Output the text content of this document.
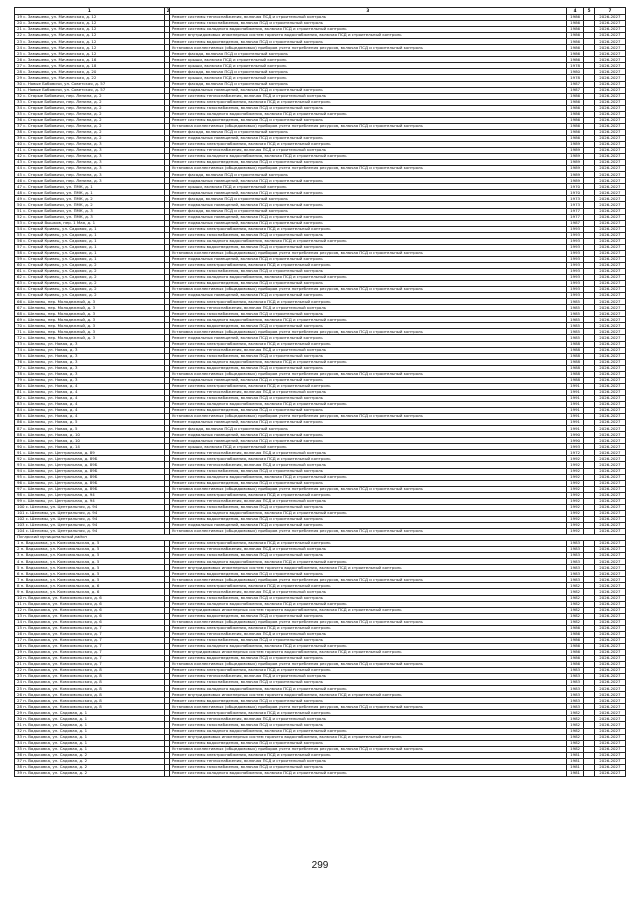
1	2	3	4	5	7
19 с. Замишево, ул. Мичманская, д. 12		Ремонт системы теплоснабжения, включая ПСД и строительный контроль	1986		2026-2027
20 с. Замишево, ул. Мичманская, д. 12		Ремонт системы газоснабжения, включая ПСД и строительный контроль	1986		2026-2027
21 с. Замишево, ул. Мичманская, д. 12		Ремонт системы холодного водоснабжения, включая ПСД и строительный контроль	1986		2026-2027
22 с. Замишево, ул. Мичманская, д. 12		Ремонт внутридомовых инженерных систем горячего водоснабжения, включая ПСД и строительный контроль	1986		2026-2027
23 с. Замишево, ул. Мичманская, д. 12		Ремонт системы водоотведения, включая ПСД и строительный контроль	1986		2026-2027
24 с. Замишево, ул. Мичманская, д. 12		Установка коллективных (общедомовых) приборов учета потребления ресурсов, включая ПСД и строительный контроль	1986		2026-2027
25 с. Замишево, ул. Мичманская, д. 12		Ремонт фасада, включая ПСД и строительный контроль	1986		2026-2027
26 с. Замишево, ул. Мичманская, д. 16		Ремонт крыши, включая ПСД и строительный контроль	1986		2026-2027
27 с. Замишево, ул. Мичманская, д. 18		Ремонт крыши, включая ПСД и строительный контроль	1978		2026-2027
28 с. Замишево, ул. Мичманская, д. 20		Ремонт фасада, включая ПСД и строительный контроль	1980		2026-2027
29 с. Замишево, ул. Мичманская, д. 22		Ремонт крыши, включая ПСД и строительный контроль	1978		2026-2027
30 с. Новые Бобовичи, ул. Советская, д. 57		Ремонт фасада, включая ПСД и строительный контроль	1987		2026-2027
31 с. Новые Бобовичи, ул. Советская, д. 57		Ремонт подвальных помещений, включая ПСД и строительный контроль	1987		2026-2027
32 с. Старые Бобовичи, пер. Ленина, д. 2		Ремонт системы теплоснабжения, включая ПСД и строительный контроль	1986		2026-2027
33 с. Старые Бобовичи, пер. Ленина, д. 2		Ремонт системы электроснабжения, включая ПСД и строительный контроль	1986		2026-2027
34 с. Старые Бобовичи, пер. Ленина, д. 2		Ремонт системы газоснабжения, включая ПСД и строительный контроль	1986		2026-2027
35 с. Старые Бобовичи, пер. Ленина, д. 2		Ремонт системы холодного водоснабжения, включая ПСД и строительный контроль	1986		2026-2027
36 с. Старые Бобовичи, пер. Ленина, д. 2		Ремонт системы водоотведения, включая ПСД и строительный контроль	1986		2026-2027
37 с. Старые Бобовичи, пер. Ленина, д. 2		Установка коллективных (общедомовых) приборов учета потребления ресурсов, включая ПСД и строительный контроль	1986		2026-2027
38 с. Старые Бобовичи, пер. Ленина, д. 2		Ремонт фасада, включая ПСД и строительный контроль	1986		2026-2027
39 с. Старые Бобовичи, пер. Ленина, д. 2		Ремонт подвальных помещений, включая ПСД и строительный контроль	1986		2026-2027
40 с. Старые Бобовичи, пер. Ленина, д. 3		Ремонт системы электроснабжения, включая ПСД и строительный контроль	1989		2026-2027
41 с. Старые Бобовичи, пер. Ленина, д. 3		Ремонт системы теплоснабжения, включая ПСД и строительный контроль	1989		2026-2027
42 с. Старые Бобовичи, пер. Ленина, д. 3		Ремонт системы холодного водоснабжения, включая ПСД и строительный контроль	1989		2026-2027
43 с. Старые Бобовичи, пер. Ленина, д. 3		Ремонт системы водоотведения, включая ПСД и строительный контроль	1989		2026-2027
44 с. Старые Бобовичи, пер. Ленина, д. 3		Установка коллективных (общедомовых) приборов учета потребления ресурсов, включая ПСД и строительный контроль	1989		2026-2027
45 с. Старые Бобовичи, пер. Ленина, д. 3		Ремонт фасада, включая ПСД и строительный контроль	1989		2026-2027
46 с. Старые Бобовичи, пер. Ленина, д. 3		Ремонт подвальных помещений, включая ПСД и строительный контроль	1989		2026-2027
47 с. Старые Бобовичи, ул. ПМК, д. 1		Ремонт крыши, включая ПСД и строительный контроль	1970		2026-2027
48 с. Старые Бобовичи, ул. ПМК, д. 1		Ремонт подвальных помещений, включая ПСД и строительный контроль	1970		2026-2027
49 с. Старые Бобовичи, ул. ПМК, д. 2		Ремонт фасада, включая ПСД и строительный контроль	1973		2026-2027
50 с. Старые Бобовичи, ул. ПМК, д. 2		Ремонт подвальных помещений, включая ПСД и строительный контроль	1973		2026-2027
51 с. Старые Бобовичи, ул. ПМК, д. 3		Ремонт фасада, включая ПСД и строительный контроль	1977		2026-2027
52 с. Старые Бобовичи, ул. ПМК, д. 3		Ремонт подвальных помещений, включая ПСД и строительный контроль	1977		2026-2027
53 с. Старый Вышков, пер. 1 Мая, д. 1		Ремонт подвальных помещений, включая ПСД и строительный контроль	1987		2026-2027
54 с. Старый Кривец, ул. Садовая, д. 1		Ремонт системы электроснабжения, включая ПСД и строительный контроль	1993		2026-2027
55 с. Старый Кривец, ул. Садовая, д. 1		Ремонт системы газоснабжения, включая ПСД и строительный контроль	1993		2026-2027
56 с. Старый Кривец, ул. Садовая, д. 1		Ремонт системы холодного водоснабжения, включая ПСД и строительный контроль	1993		2026-2027
57 с. Старый Кривец, ул. Садовая, д. 1		Ремонт системы водоотведения, включая ПСД и строительный контроль	1993		2026-2027
58 с. Старый Кривец, ул. Садовая, д. 1		Установка коллективных (общедомовых) приборов учета потребления ресурсов, включая ПСД и строительный контроль	1993		2026-2027
59 с. Старый Кривец, ул. Садовая, д. 1		Ремонт подвальных помещений, включая ПСД и строительный контроль	1993		2026-2027
60 с. Старый Кривец, ул. Садовая, д. 2		Ремонт системы электроснабжения, включая ПСД и строительный контроль	1993		2026-2027
61 с. Старый Кривец, ул. Садовая, д. 2		Ремонт системы газоснабжения, включая ПСД и строительный контроль	1993		2026-2027
62 с. Старый Кривец, ул. Садовая, д. 2		Ремонт системы холодного водоснабжения, включая ПСД и строительный контроль	1993		2026-2027
63 с. Старый Кривец, ул. Садовая, д. 2		Ремонт системы водоотведения, включая ПСД и строительный контроль	1993		2026-2027
64 с. Старый Кривец, ул. Садовая, д. 2		Установка коллективных (общедомовых) приборов учета потребления ресурсов, включая ПСД и строительный контроль	1993		2026-2027
65 с. Старый Кривец, ул. Садовая, д. 2		Ремонт подвальных помещений, включая ПСД и строительный контроль	1993		2026-2027
66 с. Шеломы, пер. Молодежный, д. 3		Ремонт системы электроснабжения, включая ПСД и строительный контроль	1985		2026-2027
67 с. Шеломы, пер. Молодежный, д. 3		Ремонт системы теплоснабжения, включая ПСД и строительный контроль	1985		2026-2027
68 с. Шеломы, пер. Молодежный, д. 3		Ремонт системы газоснабжения, включая ПСД и строительный контроль	1985		2026-2027
69 с. Шеломы, пер. Молодежный, д. 3		Ремонт системы холодного водоснабжения, включая ПСД и строительный контроль	1985		2026-2027
70 с. Шеломы, пер. Молодежный, д. 3		Ремонт системы водоотведения, включая ПСД и строительный контроль	1985		2026-2027
71 с. Шеломы, пер. Молодежный, д. 3		Установка коллективных (общедомовых) приборов учета потребления ресурсов, включая ПСД и строительный контроль	1985		2026-2027
72 с. Шеломы, пер. Молодежный, д. 3		Ремонт подвальных помещений, включая ПСД и строительный контроль	1985		2026-2027
73 с. Шеломы, ул. Новая, д. 3		Ремонт системы электроснабжения, включая ПСД и строительный контроль	1988		2026-2027
74 с. Шеломы, ул. Новая, д. 3		Ремонт системы теплоснабжения, включая ПСД и строительный контроль	1988		2026-2027
75 с. Шеломы, ул. Новая, д. 3		Ремонт системы газоснабжения, включая ПСД и строительный контроль	1988		2026-2027
76 с. Шеломы, ул. Новая, д. 3		Ремонт системы холодного водоснабжения, включая ПСД и строительный контроль	1988		2026-2027
77 с. Шеломы, ул. Новая, д. 3		Ремонт системы водоотведения, включая ПСД и строительный контроль	1988		2026-2027
78 с. Шеломы, ул. Новая, д. 3		Установка коллективных (общедомовых) приборов учета потребления ресурсов, включая ПСД и строительный контроль	1988		2026-2027
79 с. Шеломы, ул. Новая, д. 3		Ремонт подвальных помещений, включая ПСД и строительный контроль	1988		2026-2027
80 с. Шеломы, ул. Новая, д. 4		Ремонт системы электроснабжения, включая ПСД и строительный контроль	1991		2026-2027
81 с. Шеломы, ул. Новая, д. 4		Ремонт системы теплоснабжения, включая ПСД и строительный контроль	1991		2026-2027
82 с. Шеломы, ул. Новая, д. 4		Ремонт системы газоснабжения, включая ПСД и строительный контроль	1991		2026-2027
83 с. Шеломы, ул. Новая, д. 4		Ремонт системы холодного водоснабжения, включая ПСД и строительный контроль	1991		2026-2027
84 с. Шеломы, ул. Новая, д. 4		Ремонт системы водоотведения, включая ПСД и строительный контроль	1991		2026-2027
85 с. Шеломы, ул. Новая, д. 4		Установка коллективных (общедомовых) приборов учета потребления ресурсов, включая ПСД и строительный контроль	1991		2026-2027
86 с. Шеломы, ул. Новая, д. 5		Ремонт подвальных помещений, включая ПСД и строительный контроль	1991		2026-2027
87 с. Шеломы, ул. Новая, д. 5		Ремонт фасада, включая ПСД и строительный контроль	1991		2026-2027
88 с. Шеломы, ул. Новая, д. 10		Ремонт подвальных помещений, включая ПСД и строительный контроль	1990		2026-2027
89 с. Шеломы, ул. Новая, д. 10		Ремонт подвальных помещений, включая ПСД и строительный контроль	1990		2026-2027
90 с. Шеломы, ул. Новая, д. 14		Ремонт крыши, включая ПСД и строительный контроль	1993		2026-2027
91 с. Шеломы, ул. Центральная, д. 89		Ремонт системы теплоснабжения, включая ПСД и строительный контроль	1972		2026-2027
92 с. Шеломы, ул. Центральная, д. 89Б		Ремонт системы электроснабжения, включая ПСД и строительный контроль	1992		2026-2027
93 с. Шеломы, ул. Центральная, д. 89Б		Ремонт системы теплоснабжения, включая ПСД и строительный контроль	1992		2026-2027
94 с. Шеломы, ул. Центральная, д. 89Б		Ремонт системы газоснабжения, включая ПСД и строительный контроль	1992		2026-2027
95 с. Шеломы, ул. Центральная, д. 89Б		Ремонт системы холодного водоснабжения, включая ПСД и строительный контроль	1992		2026-2027
96 с. Шеломы, ул. Центральная, д. 89Б		Ремонт системы водоотведения, включая ПСД и строительный контроль	1992		2026-2027
97 с. Шеломы, ул. Центральная, д. 89Б		Установка коллективных (общедомовых) приборов учета потребления ресурсов, включая ПСД и строительный контроль	1992		2026-2027
98 с. Шеломы, ул. Центральная, д. 94		Ремонт системы электроснабжения, включая ПСД и строительный контроль	1992		2026-2027
99 с. Шеломы, ул. Центральная, д. 94		Ремонт системы теплоснабжения, включая ПСД и строительный контроль	1992		2026-2027
100 с. Шеломы, ул. Центральная, д. 94		Ремонт системы газоснабжения, включая ПСД и строительный контроль	1992		2026-2027
101 с. Шеломы, ул. Центральная, д. 94		Ремонт системы холодного водоснабжения, включая ПСД и строительный контроль	1992		2026-2027
102 с. Шеломы, ул. Центральная, д. 94		Ремонт системы водоотведения, включая ПСД и строительный контроль	1992		2026-2027
103 с. Шеломы, ул. Центральная, д. 94		Ремонт подвальных помещений, включая ПСД и строительный контроль	1992		2026-2027
104 с. Шеломы, ул. Центральная, д. 94		Установка коллективных (общедомовых) приборов учета потребления ресурсов, включая ПСД и строительный контроль	1992		2026-2027
Погарский муниципальный район					
1 п. Вадьковка, ул. Комсомольская, д. 5		Ремонт системы электроснабжения, включая ПСД и строительный контроль	1983		2026-2027
2 п. Вадьковка, ул. Комсомольская, д. 5		Ремонт системы теплоснабжения, включая ПСД и строительный контроль	1983		2026-2027
3 п. Вадьковка, ул. Комсомольская, д. 5		Ремонт системы газоснабжения, включая ПСД и строительный контроль	1983		2026-2027
4 п. Вадьковка, ул. Комсомольская, д. 5		Ремонт системы холодного водоснабжения, включая ПСД и строительный контроль	1983		2026-2027
5 п. Вадьковка, ул. Комсомольская, д. 5		Ремонт внутридомовых инженерных систем горячего водоснабжения, включая ПСД и строительный контроль	1983		2026-2027
6 п. Вадьковка, ул. Комсомольская, д. 5		Ремонт системы водоотведения, включая ПСД и строительный контроль	1983		2026-2027
7 п. Вадьковка, ул. Комсомольская, д. 5		Установка коллективных (общедомовых) приборов учета потребления ресурсов, включая ПСД и строительный контроль	1983		2026-2027
8 п. Вадьковка, ул. Комсомольская, д. 6		Ремонт системы электроснабжения, включая ПСД и строительный контроль	1982		2026-2027
9 п. Вадьковка, ул. Комсомольская, д. 6		Ремонт системы теплоснабжения, включая ПСД и строительный контроль	1982		2026-2027
10 п. Вадьковка, ул. Комсомольская, д. 6		Ремонт системы газоснабжения, включая ПСД и строительный контроль	1982		2026-2027
11 п. Вадьковка, ул. Комсомольская, д. 6		Ремонт системы холодного водоснабжения, включая ПСД и строительный контроль	1982		2026-2027
12 п. Вадьковка, ул. Комсомольская, д. 6		Ремонт внутридомовых инженерных систем горячего водоснабжения, включая ПСД и строительный контроль	1982		2026-2027
13 п. Вадьковка, ул. Комсомольская, д. 6		Ремонт системы водоотведения, включая ПСД и строительный контроль	1982		2026-2027
14 п. Вадьковка, ул. Комсомольская, д. 6		Установка коллективных (общедомовых) приборов учета потребления ресурсов, включая ПСД и строительный контроль	1982		2026-2027
15 п. Вадьковка, ул. Комсомольская, д. 7		Ремонт системы электроснабжения, включая ПСД и строительный контроль	1986		2026-2027
16 п. Вадьковка, ул. Комсомольская, д. 7		Ремонт системы теплоснабжения, включая ПСД и строительный контроль	1986		2026-2027
17 п. Вадьковка, ул. Комсомольская, д. 7		Ремонт системы газоснабжения, включая ПСД и строительный контроль	1986		2026-2027
18 п. Вадьковка, ул. Комсомольская, д. 7		Ремонт системы холодного водоснабжения, включая ПСД и строительный контроль	1986		2026-2027
19 п. Вадьковка, ул. Комсомольская, д. 7		Ремонт внутридомовых инженерных систем горячего водоснабжения, включая ПСД и строительный контроль	1986		2026-2027
20 п. Вадьковка, ул. Комсомольская, д. 7		Ремонт системы водоотведения, включая ПСД и строительный контроль	1986		2026-2027
21 п. Вадьковка, ул. Комсомольская, д. 7		Установка коллективных (общедомовых) приборов учета потребления ресурсов, включая ПСД и строительный контроль	1986		2026-2027
22 п. Вадьковка, ул. Комсомольская, д. 8		Ремонт системы электроснабжения, включая ПСД и строительный контроль	1983		2026-2027
23 п. Вадьковка, ул. Комсомольская, д. 8		Ремонт системы теплоснабжения, включая ПСД и строительный контроль	1983		2026-2027
24 п. Вадьковка, ул. Комсомольская, д. 8		Ремонт системы газоснабжения, включая ПСД и строительный контроль	1983		2026-2027
25 п. Вадьковка, ул. Комсомольская, д. 8		Ремонт системы холодного водоснабжения, включая ПСД и строительный контроль	1983		2026-2027
26 п. Вадьковка, ул. Комсомольская, д. 8		Ремонт внутридомовых инженерных систем горячего водоснабжения, включая ПСД и строительный контроль	1983		2026-2027
27 п. Вадьковка, ул. Комсомольская, д. 8		Ремонт системы водоотведения, включая ПСД и строительный контроль	1983		2026-2027
28 п. Вадьковка, ул. Комсомольская, д. 8		Установка коллективных (общедомовых) приборов учета потребления ресурсов, включая ПСД и строительный контроль	1983		2026-2027
29 п. Вадьковка, ул. Садовая, д. 1		Ремонт системы электроснабжения, включая ПСД и строительный контроль	1982		2026-2027
30 п. Вадьковка, ул. Садовая, д. 1		Ремонт системы теплоснабжения, включая ПСД и строительный контроль	1982		2026-2027
31 п. Вадьковка, ул. Садовая, д. 1		Ремонт системы газоснабжения, включая ПСД и строительный контроль	1982		2026-2027
32 п. Вадьковка, ул. Садовая, д. 1		Ремонт системы холодного водоснабжения, включая ПСД и строительный контроль	1982		2026-2027
33 п. Вадьковка, ул. Садовая, д. 1		Ремонт внутридомовых инженерных систем горячего водоснабжения, включая ПСД и строительный контроль	1982		2026-2027
34 п. Вадьковка, ул. Садовая, д. 1		Ремонт системы водоотведения, включая ПСД и строительный контроль	1982		2026-2027
35 п. Вадьковка, ул. Садовая, д. 1		Установка коллективных (общедомовых) приборов учета потребления ресурсов, включая ПСД и строительный контроль	1982		2026-2027
36 п. Вадьковка, ул. Садовая, д. 2		Ремонт системы электроснабжения, включая ПСД и строительный контроль	1981		2026-2027
37 п. Вадьковка, ул. Садовая, д. 2		Ремонт системы теплоснабжения, включая ПСД и строительный контроль	1981		2026-2027
38 п. Вадьковка, ул. Садовая, д. 2		Ремонт системы газоснабжения, включая ПСД и строительный контроль	1981		2026-2027
39 п. Вадьковка, ул. Садовая, д. 2		Ремонт системы холодного водоснабжения, включая ПСД и строительный контроль	1981		2026-2027
299
